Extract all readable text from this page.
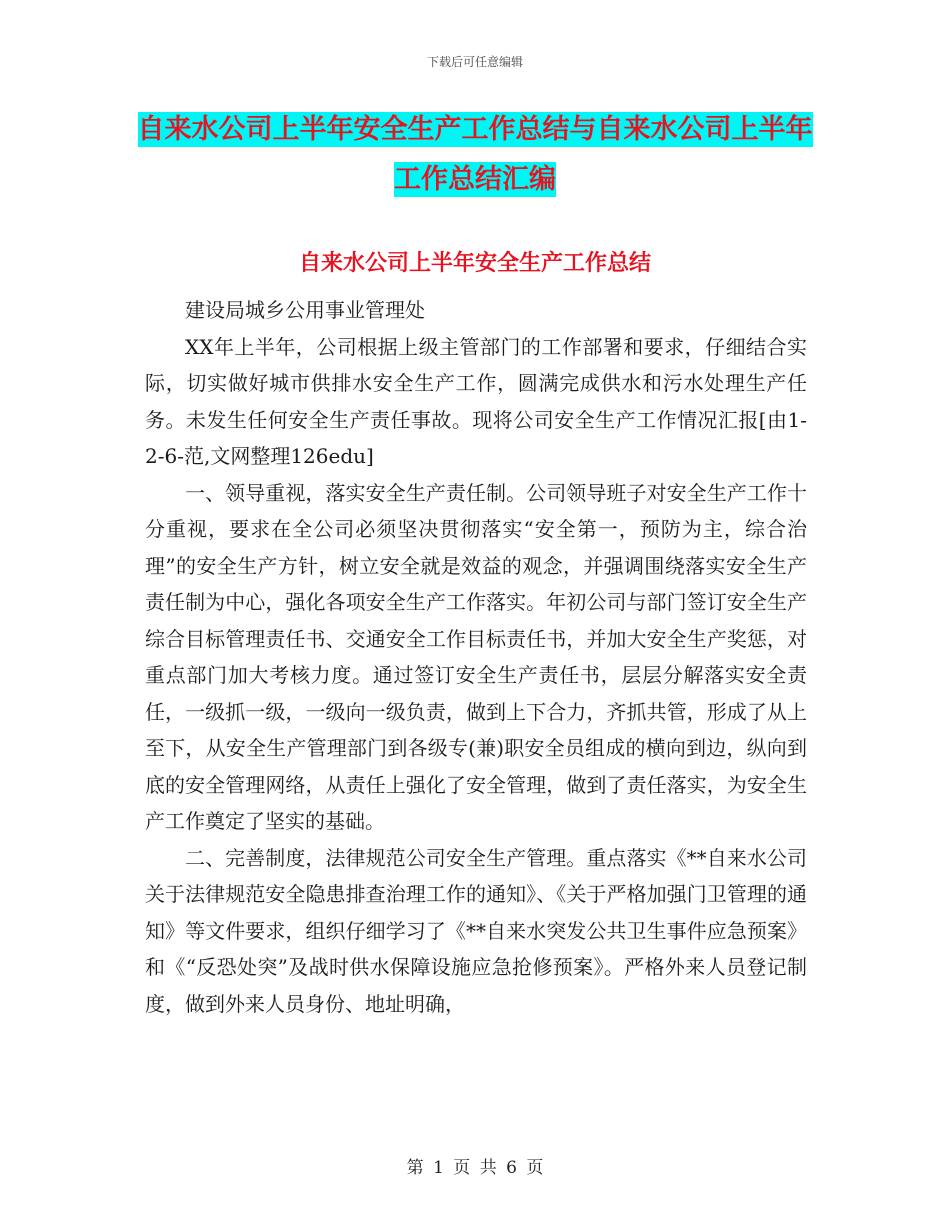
下载后可任意编辑
自来水公司上半年安全生产工作总结与自来水公司上半年工作总结汇编
自来水公司上半年安全生产工作总结

建设局城乡公用事业管理处

XX年上半年，公司根据上级主管部门的工作部署和要求，仔细结合实际，切实做好城市供排水安全生产工作，圆满完成供水和污水处理生产任务。未发生任何安全生产责任事故。现将公司安全生产工作情况汇报[由1-2-6-范,文网整理126edu]

一、领导重视，落实安全生产责任制。公司领导班子对安全生产工作十分重视，要求在全公司必须坚决贯彻落实“安全第一，预防为主，综合治理”的安全生产方针，树立安全就是效益的观念，并强调围绕落实安全生产责任制为中心，强化各项安全生产工作落实。年初公司与部门签订安全生产综合目标管理责任书、交通安全工作目标责任书，并加大安全生产奖惩，对重点部门加大考核力度。通过签订安全生产责任书，层层分解落实安全责任，一级抓一级，一级向一级负责，做到上下合力，齐抓共管，形成了从上至下，从安全生产管理部门到各级专(兼)职安全员组成的横向到边，纵向到底的安全管理网络，从责任上强化了安全管理，做到了责任落实，为安全生产工作奠定了坚实的基础。

二、完善制度，法律规范公司安全生产管理。重点落实《**自来水公司关于法律规范安全隐患排查治理工作的通知》、《关于严格加强门卫管理的通知》等文件要求，组织仔细学习了《**自来水突发公共卫生事件应急预案》和《“反恐处突”及战时供水保障设施应急抢修预案》。严格外来人员登记制度，做到外来人员身份、地址明确，

第 1 页 共 6 页
